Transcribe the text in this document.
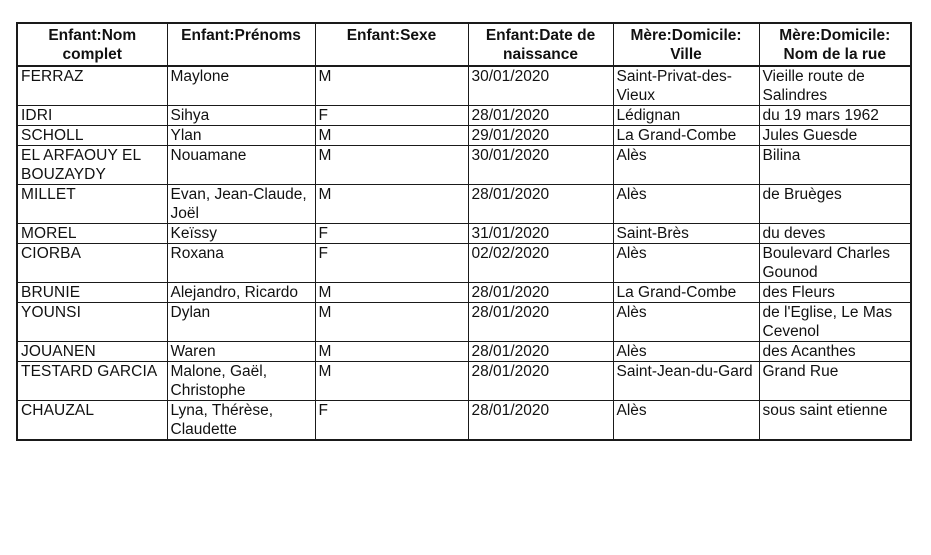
Enfant:Nom complet	Enfant:Prénoms	Enfant:Sexe	Enfant:Date de naissance	Mère:Domicile: Ville	Mère:Domicile: Nom de la rue
FERRAZ	Maylone	M	30/01/2020	Saint-Privat-des-Vieux	Vieille route de Salindres
IDRI	Sihya	F	28/01/2020	Lédignan	du 19 mars 1962
SCHOLL	Ylan	M	29/01/2020	La Grand-Combe	Jules Guesde
EL ARFAOUY EL BOUZAYDY	Nouamane	M	30/01/2020	Alès	Bilina
MILLET	Evan, Jean-Claude, Joël	M	28/01/2020	Alès	de Bruèges
MOREL	Keïssy	F	31/01/2020	Saint-Brès	du deves
CIORBA	Roxana	F	02/02/2020	Alès	Boulevard Charles Gounod
BRUNIE	Alejandro, Ricardo	M	28/01/2020	La Grand-Combe	des Fleurs
YOUNSI	Dylan	M	28/01/2020	Alès	de l'Eglise, Le Mas Cevenol
JOUANEN	Waren	M	28/01/2020	Alès	des Acanthes
TESTARD GARCIA	Malone, Gaël, Christophe	M	28/01/2020	Saint-Jean-du-Gard	Grand Rue
CHAUZAL	Lyna, Thérèse, Claudette	F	28/01/2020	Alès	sous saint etienne
